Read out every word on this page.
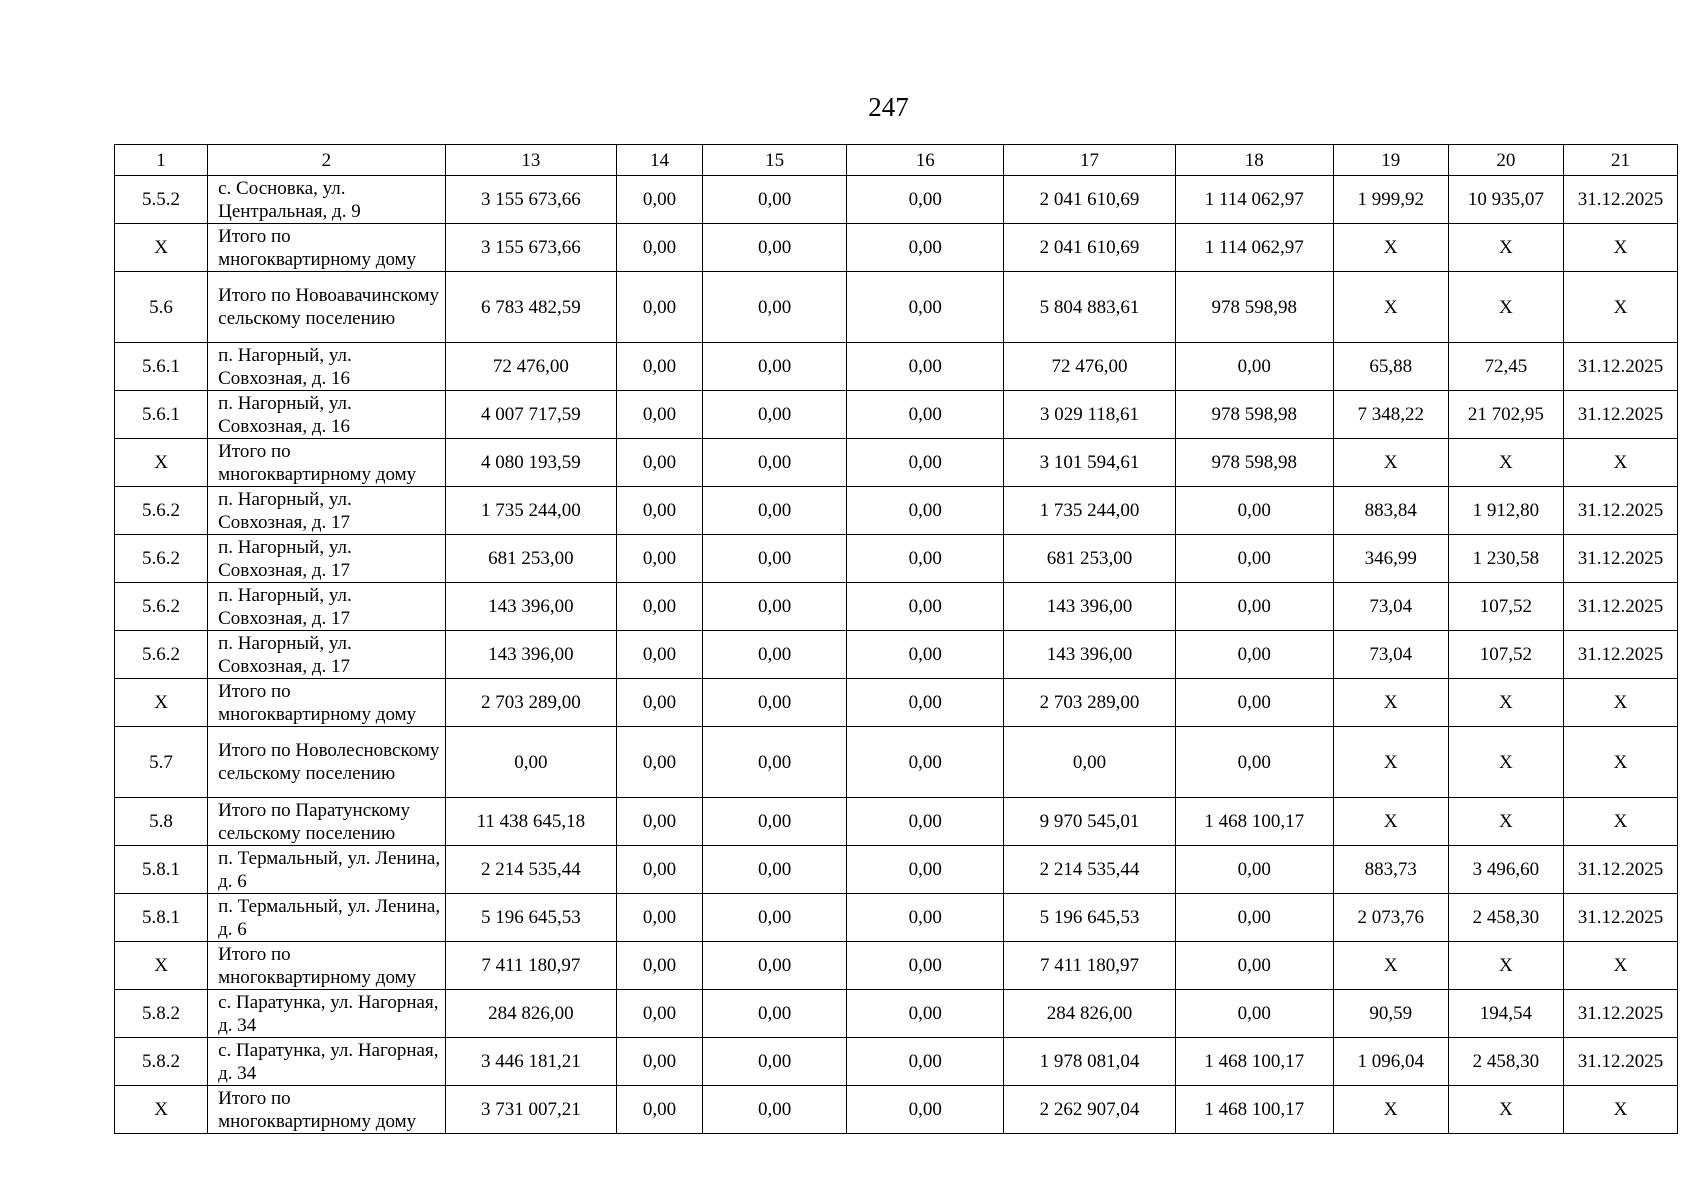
247
1	2	13	14	15	16	17	18	19	20	21
5.5.2	с. Сосновка, ул. Центральная, д. 9	3 155 673,66	0,00	0,00	0,00	2 041 610,69	1 114 062,97	1 999,92	10 935,07	31.12.2025
X	Итого по многоквартирному дому	3 155 673,66	0,00	0,00	0,00	2 041 610,69	1 114 062,97	X	X	X
5.6	Итого по Новоавачинскому сельскому поселению	6 783 482,59	0,00	0,00	0,00	5 804 883,61	978 598,98	X	X	X
5.6.1	п. Нагорный, ул. Совхозная, д. 16	72 476,00	0,00	0,00	0,00	72 476,00	0,00	65,88	72,45	31.12.2025
5.6.1	п. Нагорный, ул. Совхозная, д. 16	4 007 717,59	0,00	0,00	0,00	3 029 118,61	978 598,98	7 348,22	21 702,95	31.12.2025
X	Итого по многоквартирному дому	4 080 193,59	0,00	0,00	0,00	3 101 594,61	978 598,98	X	X	X
5.6.2	п. Нагорный, ул. Совхозная, д. 17	1 735 244,00	0,00	0,00	0,00	1 735 244,00	0,00	883,84	1 912,80	31.12.2025
5.6.2	п. Нагорный, ул. Совхозная, д. 17	681 253,00	0,00	0,00	0,00	681 253,00	0,00	346,99	1 230,58	31.12.2025
5.6.2	п. Нагорный, ул. Совхозная, д. 17	143 396,00	0,00	0,00	0,00	143 396,00	0,00	73,04	107,52	31.12.2025
5.6.2	п. Нагорный, ул. Совхозная, д. 17	143 396,00	0,00	0,00	0,00	143 396,00	0,00	73,04	107,52	31.12.2025
X	Итого по многоквартирному дому	2 703 289,00	0,00	0,00	0,00	2 703 289,00	0,00	X	X	X
5.7	Итого по Новолесновскому сельскому поселению	0,00	0,00	0,00	0,00	0,00	0,00	X	X	X
5.8	Итого по Паратунскому сельскому поселению	11 438 645,18	0,00	0,00	0,00	9 970 545,01	1 468 100,17	X	X	X
5.8.1	п. Термальный, ул. Ленина, д. 6	2 214 535,44	0,00	0,00	0,00	2 214 535,44	0,00	883,73	3 496,60	31.12.2025
5.8.1	п. Термальный, ул. Ленина, д. 6	5 196 645,53	0,00	0,00	0,00	5 196 645,53	0,00	2 073,76	2 458,30	31.12.2025
X	Итого по многоквартирному дому	7 411 180,97	0,00	0,00	0,00	7 411 180,97	0,00	X	X	X
5.8.2	с. Паратунка, ул. Нагорная, д. 34	284 826,00	0,00	0,00	0,00	284 826,00	0,00	90,59	194,54	31.12.2025
5.8.2	с. Паратунка, ул. Нагорная, д. 34	3 446 181,21	0,00	0,00	0,00	1 978 081,04	1 468 100,17	1 096,04	2 458,30	31.12.2025
X	Итого по многоквартирному дому	3 731 007,21	0,00	0,00	0,00	2 262 907,04	1 468 100,17	X	X	X
